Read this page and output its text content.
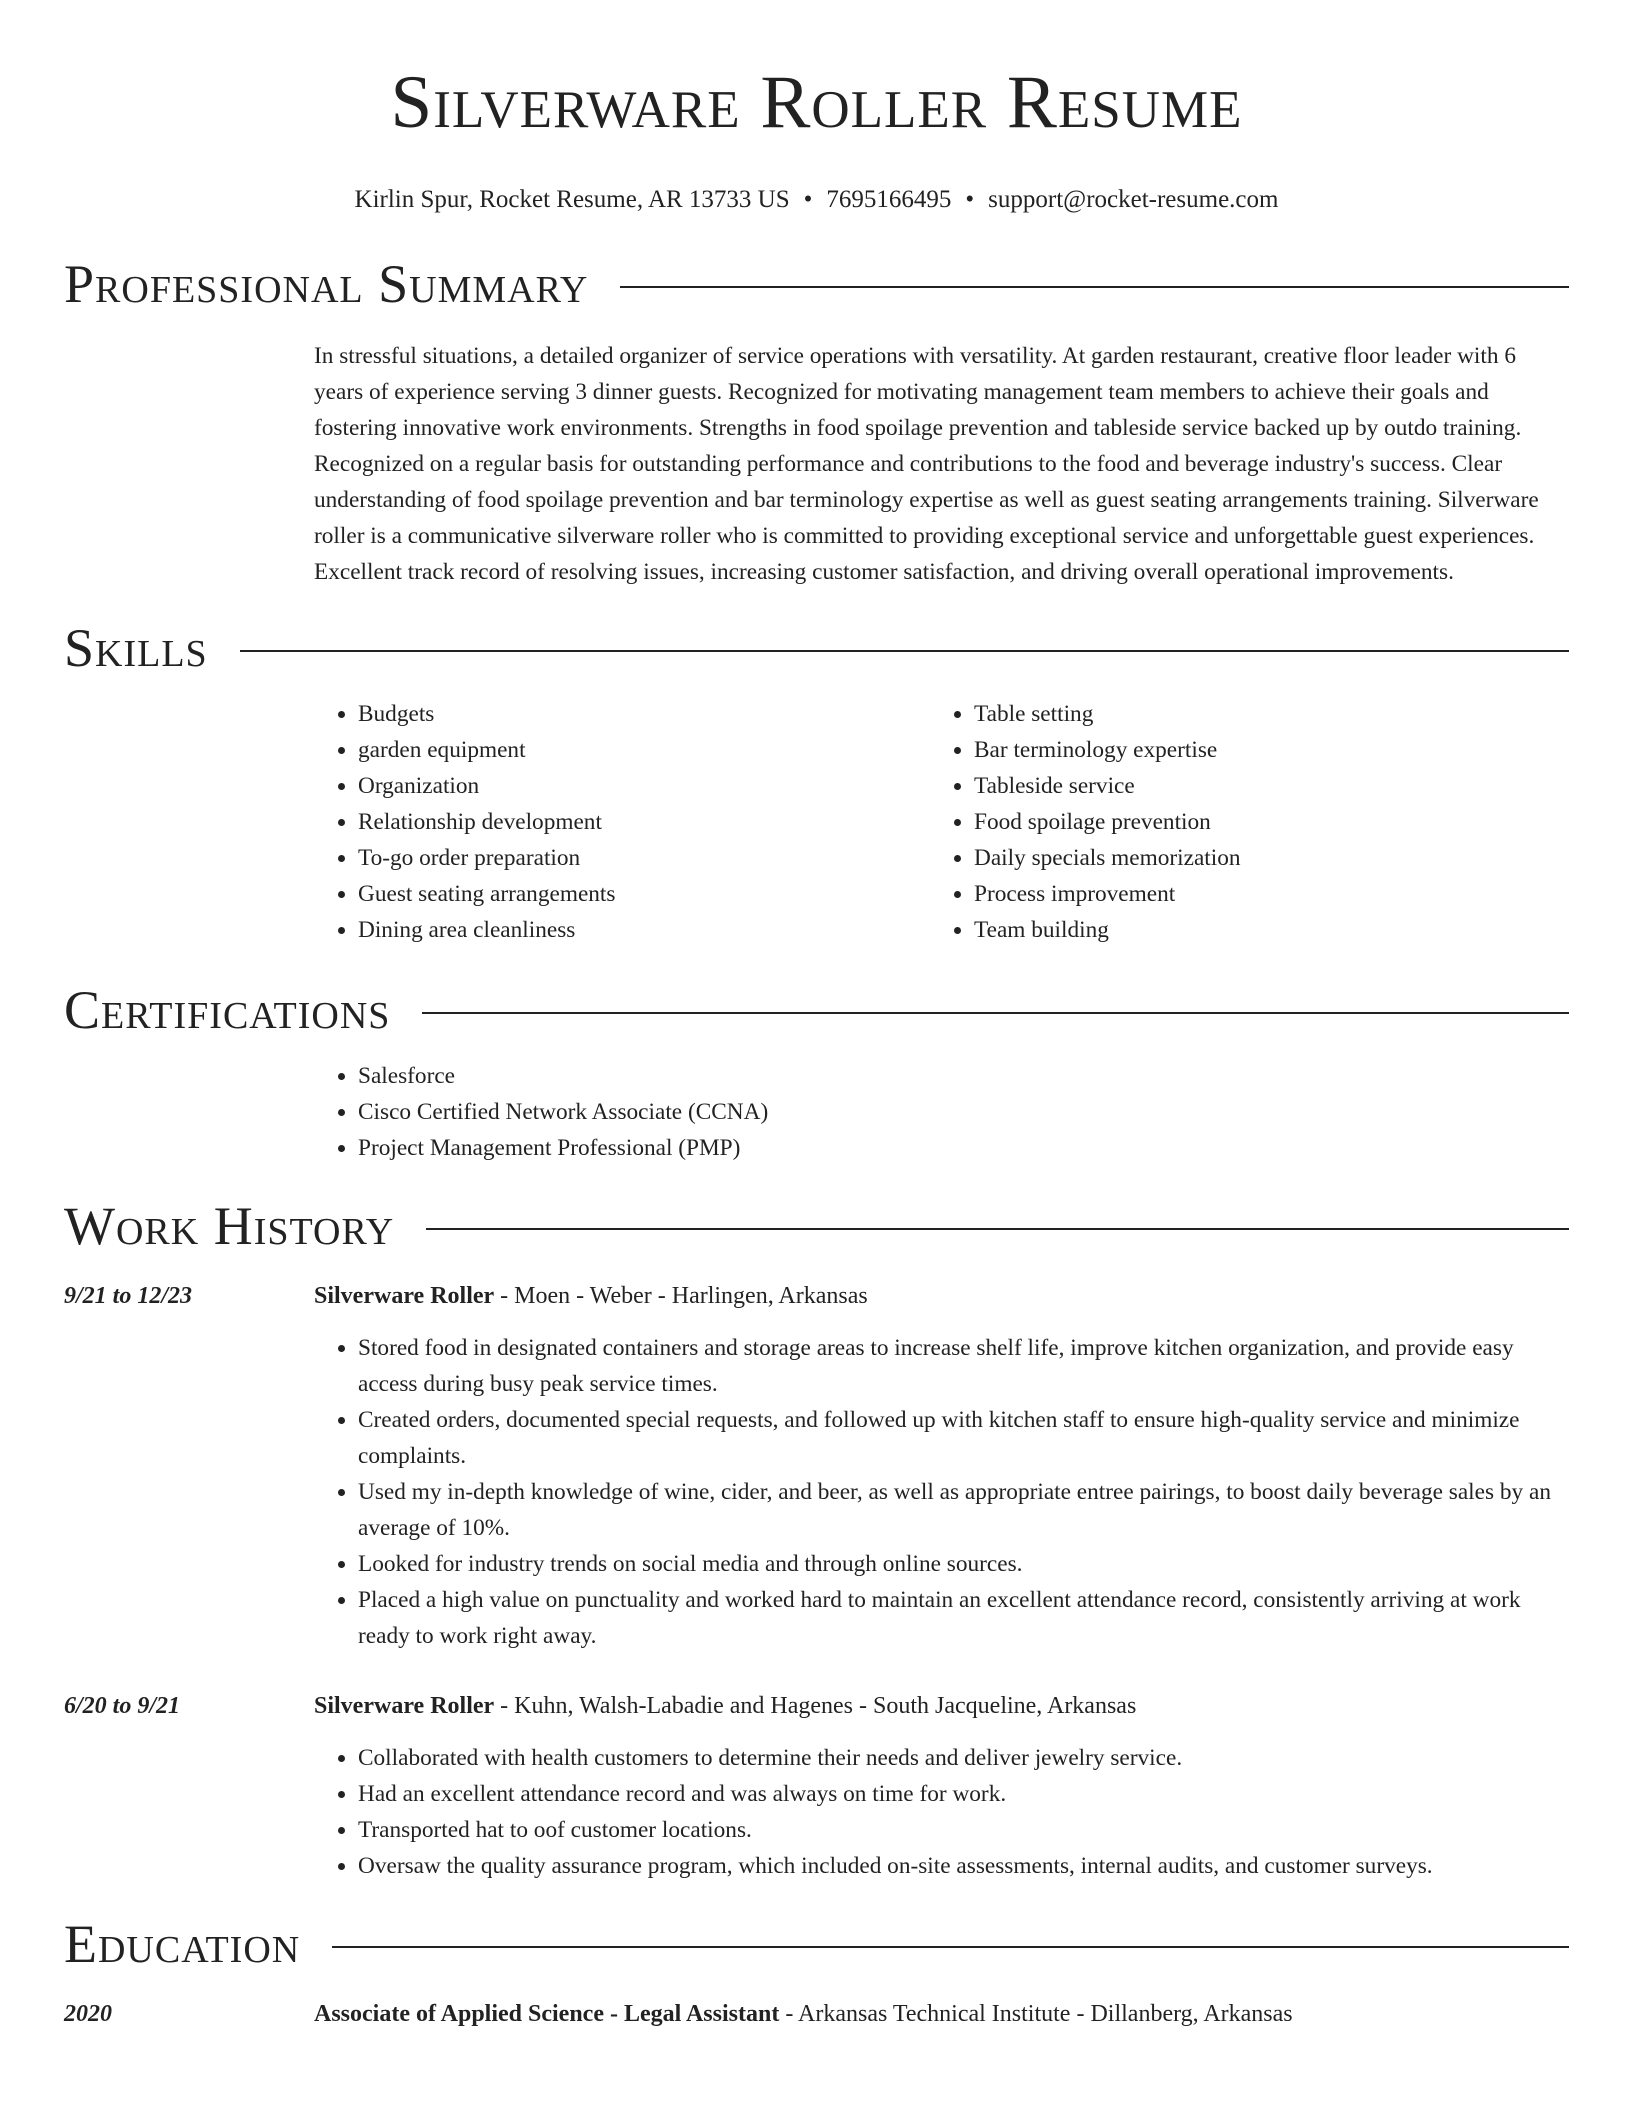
Silverware Roller Resume
Kirlin Spur, Rocket Resume, AR 13733 US • 7695166495 • support@rocket-resume.com
Professional Summary

In stressful situations, a detailed organizer of service operations with versatility. At garden restaurant, creative floor leader with 6 years of experience serving 3 dinner guests. Recognized for motivating management team members to achieve their goals and fostering innovative work environments. Strengths in food spoilage prevention and tableside service backed up by outdo training. Recognized on a regular basis for outstanding performance and contributions to the food and beverage industry's success. Clear understanding of food spoilage prevention and bar terminology expertise as well as guest seating arrangements training. Silverware roller is a communicative silverware roller who is committed to providing exceptional service and unforgettable guest experiences. Excellent track record of resolving issues, increasing customer satisfaction, and driving overall operational improvements.

Skills
• Budgets
• garden equipment
• Organization
• Relationship development
• To-go order preparation
• Guest seating arrangements
• Dining area cleanliness
• Table setting
• Bar terminology expertise
• Tableside service
• Food spoilage prevention
• Daily specials memorization
• Process improvement
• Team building
Certifications
• Salesforce
• Cisco Certified Network Associate (CCNA)
• Project Management Professional (PMP)
Work History
9/21 to 12/23	Silverware Roller - Moen - Weber - Harlingen, Arkansas
• Stored food in designated containers and storage areas to increase shelf life, improve kitchen organization, and provide easy access during busy peak service times.
• Created orders, documented special requests, and followed up with kitchen staff to ensure high-quality service and minimize complaints.
• Used my in-depth knowledge of wine, cider, and beer, as well as appropriate entree pairings, to boost daily beverage sales by an average of 10%.
• Looked for industry trends on social media and through online sources.
• Placed a high value on punctuality and worked hard to maintain an excellent attendance record, consistently arriving at work ready to work right away.
6/20 to 9/21	Silverware Roller - Kuhn, Walsh-Labadie and Hagenes - South Jacqueline, Arkansas
• Collaborated with health customers to determine their needs and deliver jewelry service.
• Had an excellent attendance record and was always on time for work.
• Transported hat to oof customer locations.
• Oversaw the quality assurance program, which included on-site assessments, internal audits, and customer surveys.
Education
2020	Associate of Applied Science - Legal Assistant - Arkansas Technical Institute - Dillanberg, Arkansas
